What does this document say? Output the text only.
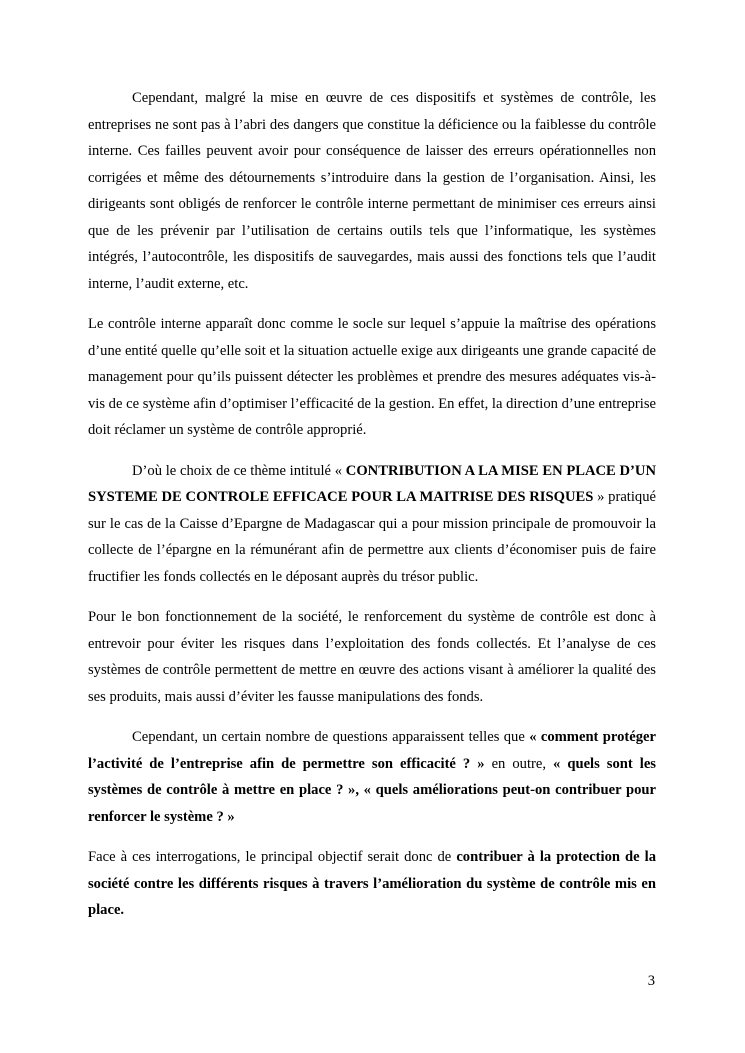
Cependant, malgré la mise en œuvre de ces dispositifs et systèmes de contrôle, les entreprises ne sont pas à l’abri des dangers que constitue la déficience ou la faiblesse du contrôle interne. Ces failles peuvent avoir pour conséquence de laisser des erreurs opérationnelles non corrigées et même des détournements s’introduire dans la gestion de l’organisation. Ainsi, les dirigeants sont obligés de renforcer le contrôle interne permettant de minimiser ces erreurs ainsi que de les prévenir par l’utilisation de certains outils tels que l’informatique, les systèmes intégrés, l’autocontrôle, les dispositifs de sauvegardes, mais aussi des fonctions tels que l’audit interne, l’audit externe, etc.

Le contrôle interne apparaît donc comme le socle sur lequel s’appuie la maîtrise des opérations d’une entité quelle qu’elle soit et la situation actuelle exige aux dirigeants une grande capacité de management pour qu’ils puissent détecter les problèmes et prendre des mesures adéquates vis-à-vis de ce système afin d’optimiser l’efficacité de la gestion. En effet, la direction d’une entreprise doit réclamer un système de contrôle approprié.

D’où le choix de ce thème intitulé « CONTRIBUTION A LA MISE EN PLACE D’UN SYSTEME DE CONTROLE EFFICACE POUR LA MAITRISE DES RISQUES » pratiqué sur le cas de la Caisse d’Epargne de Madagascar qui a pour mission principale de promouvoir la collecte de l’épargne en la rémunérant afin de permettre aux clients d’économiser puis de faire fructifier les fonds collectés en le déposant auprès du trésor public.

Pour le bon fonctionnement de la société, le renforcement du système de contrôle est donc à entrevoir pour éviter les risques dans l’exploitation des fonds collectés. Et l’analyse de ces systèmes de contrôle permettent de mettre en œuvre des actions visant à améliorer la qualité des ses produits, mais aussi d’éviter les fausse manipulations des fonds.

Cependant, un certain nombre de questions apparaissent telles que « comment protéger l’activité de l’entreprise afin de permettre son efficacité ? » en outre, « quels sont les systèmes de contrôle à mettre en place ? », « quels améliorations peut-on contribuer pour renforcer le système ? »

Face à ces interrogations, le principal objectif serait donc de contribuer à la protection de la société contre les différents risques à travers l’amélioration du système de contrôle mis en place.

3
